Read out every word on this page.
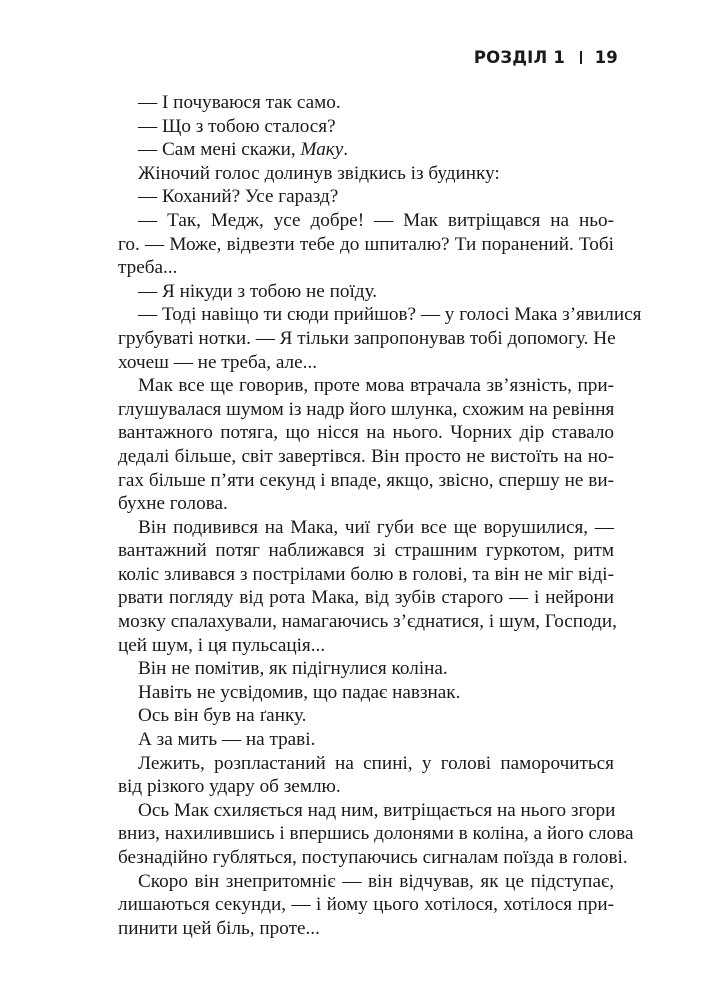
РОЗДІЛ 1 19
— І почуваюся так само.
— Що з тобою сталося?
— Сам мені скажи, Маку.
Жіночий голос долинув звідкись із будинку:
— Коханий? Усе гаразд?
— Так, Медж, усе добре! — Мак витріщався на ньо-
го. — Може, відвезти тебе до шпиталю? Ти поранений. Тобі
треба...
— Я нікуди з тобою не поїду.
— Тоді навіщо ти сюди прийшов? — у голосі Мака з’явилися
грубуваті нотки. — Я тільки запропонував тобі допомогу. Не
хочеш — не треба, але...
Мак все ще говорив, проте мова втрачала зв’язність, при-
глушувалася шумом із надр його шлунка, схожим на ревіння
вантажного потяга, що нісся на нього. Чорних дір ставало
дедалі більше, світ завертівся. Він просто не вистоїть на но-
гах більше п’яти секунд і впаде, якщо, звісно, спершу не ви-
бухне голова.
Він подивився на Мака, чиї губи все ще ворушилися, —
вантажний потяг наближався зі страшним гуркотом, ритм
коліс зливався з пострілами болю в голові, та він не міг віді-
рвати погляду від рота Мака, від зубів старого — і нейрони
мозку спалахували, намагаючись з’єднатися, і шум, Господи,
цей шум, і ця пульсація...
Він не помітив, як підігнулися коліна.
Навіть не усвідомив, що падає навзнак.
Ось він був на ґанку.
А за мить — на траві.
Лежить, розпластаний на спині, у голові паморочиться
від різкого удару об землю.
Ось Мак схиляється над ним, витріщається на нього згори
вниз, нахилившись і впершись долонями в коліна, а його слова
безнадійно губляться, поступаючись сигналам поїзда в голові.
Скоро він знепритомніє — він відчував, як це підступає,
лишаються секунди, — і йому цього хотілося, хотілося при-
пинити цей біль, проте...
